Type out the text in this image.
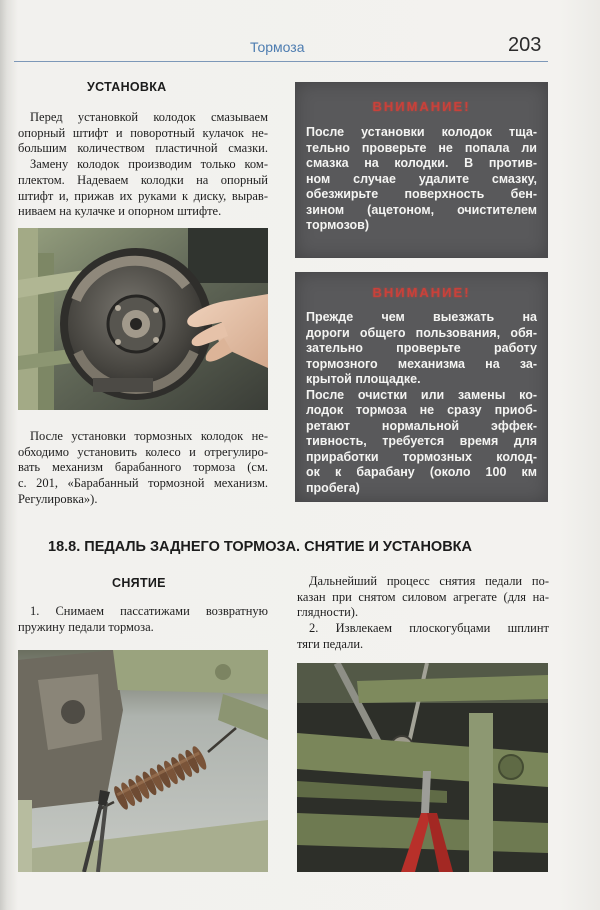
Тормоза	203
УСТАНОВКА
Перед установкой колодок смазываем
опорный штифт и поворотный кулачок не-
большим количеством пластичной смазки.
Замену колодок производим только ком-
плектом. Надеваем колодки на опорный
штифт и, прижав их руками к диску, вырав-
ниваем на кулачке и опорном штифте.
После установки тормозных колодок не-
обходимо установить колесо и отрегулиро-
вать механизм барабанного тормоза (см.
с. 201, «Барабанный тормозной механизм.
Регулировка»).
ВНИМАНИЕ!
После установки колодок тща-
тельно проверьте не попала ли
смазка на колодки. В против-
ном случае удалите смазку,
обезжирьте поверхность бен-
зином (ацетоном, очистителем
тормозов)
ВНИМАНИЕ!
Прежде чем выезжать на
дороги общего пользования, обя-
зательно проверьте работу
тормозного механизма на за-
крытой площадке.
После очистки или замены ко-
лодок тормоза не сразу приоб-
ретают нормальной эффек-
тивность, требуется время для
приработки тормозных колод-
ок к барабану (около 100 км
пробега)
18.8. ПЕДАЛЬ ЗАДНЕГО ТОРМОЗА. СНЯТИЕ И УСТАНОВКА
СНЯТИЕ
1. Снимаем пассатижами возвратную
пружину педали тормоза.
Дальнейший процесс снятия педали по-
казан при снятом силовом агрегате (для на-
глядности).
2. Извлекаем плоскогубцами шплинт
тяги педали.
